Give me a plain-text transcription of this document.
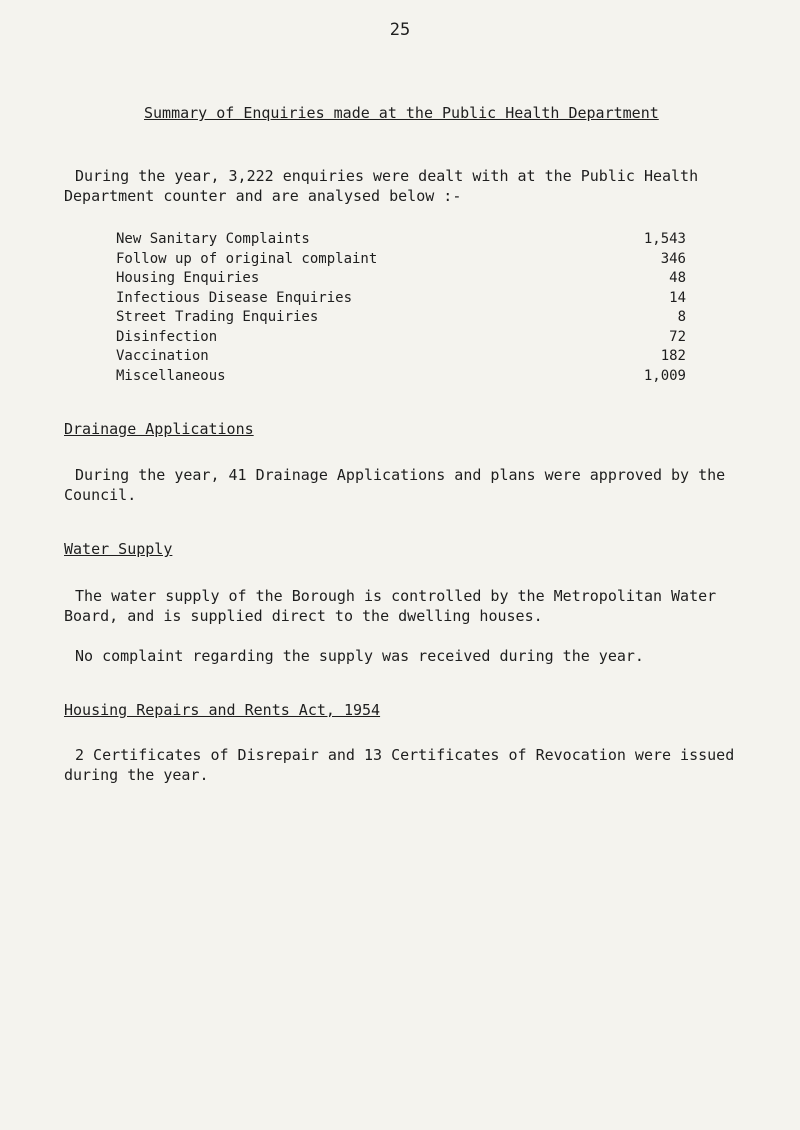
25
Summary of Enquiries made at the Public Health Department
During the year, 3,222 enquiries were dealt with at the Public Health Department counter and are analysed below :-
New Sanitary Complaints	1,543
Follow up of original complaint	346
Housing Enquiries	48
Infectious Disease Enquiries	14
Street Trading Enquiries	8
Disinfection	72
Vaccination	182
Miscellaneous	1,009
Drainage Applications
During the year, 41 Drainage Applications and plans were approved by the Council.
Water Supply
The water supply of the Borough is controlled by the Metropolitan Water Board, and is supplied direct to the dwelling houses.
No complaint regarding the supply was received during the year.
Housing Repairs and Rents Act, 1954
2 Certificates of Disrepair and 13 Certificates of Revocation were issued during the year.
